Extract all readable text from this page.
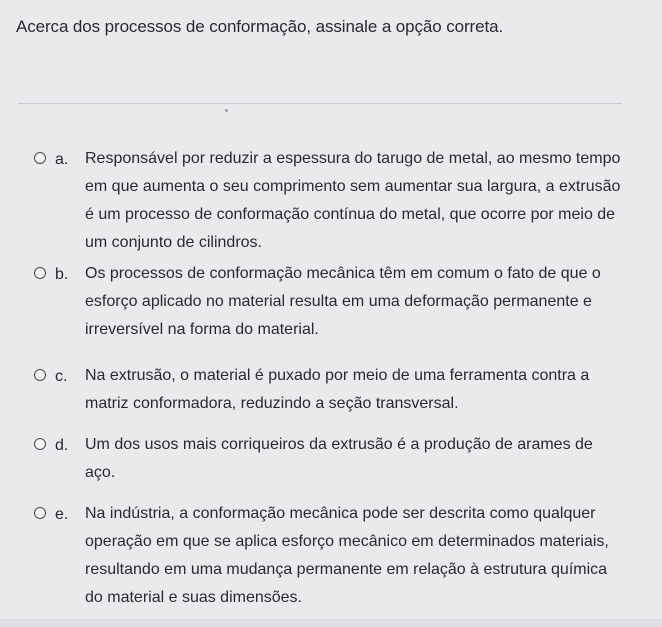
Acerca dos processos de conformação, assinale a opção correta.
a. Responsável por reduzir a espessura do tarugo de metal, ao mesmo tempo em que aumenta o seu comprimento sem aumentar sua largura, a extrusão é um processo de conformação contínua do metal, que ocorre por meio de um conjunto de cilindros.
b. Os processos de conformação mecânica têm em comum o fato de que o esforço aplicado no material resulta em uma deformação permanente e irreversível na forma do material.
c. Na extrusão, o material é puxado por meio de uma ferramenta contra a matriz conformadora, reduzindo a seção transversal.
d. Um dos usos mais corriqueiros da extrusão é a produção de arames de aço.
e. Na indústria, a conformação mecânica pode ser descrita como qualquer operação em que se aplica esforço mecânico em determinados materiais, resultando em uma mudança permanente em relação à estrutura química do material e suas dimensões.
